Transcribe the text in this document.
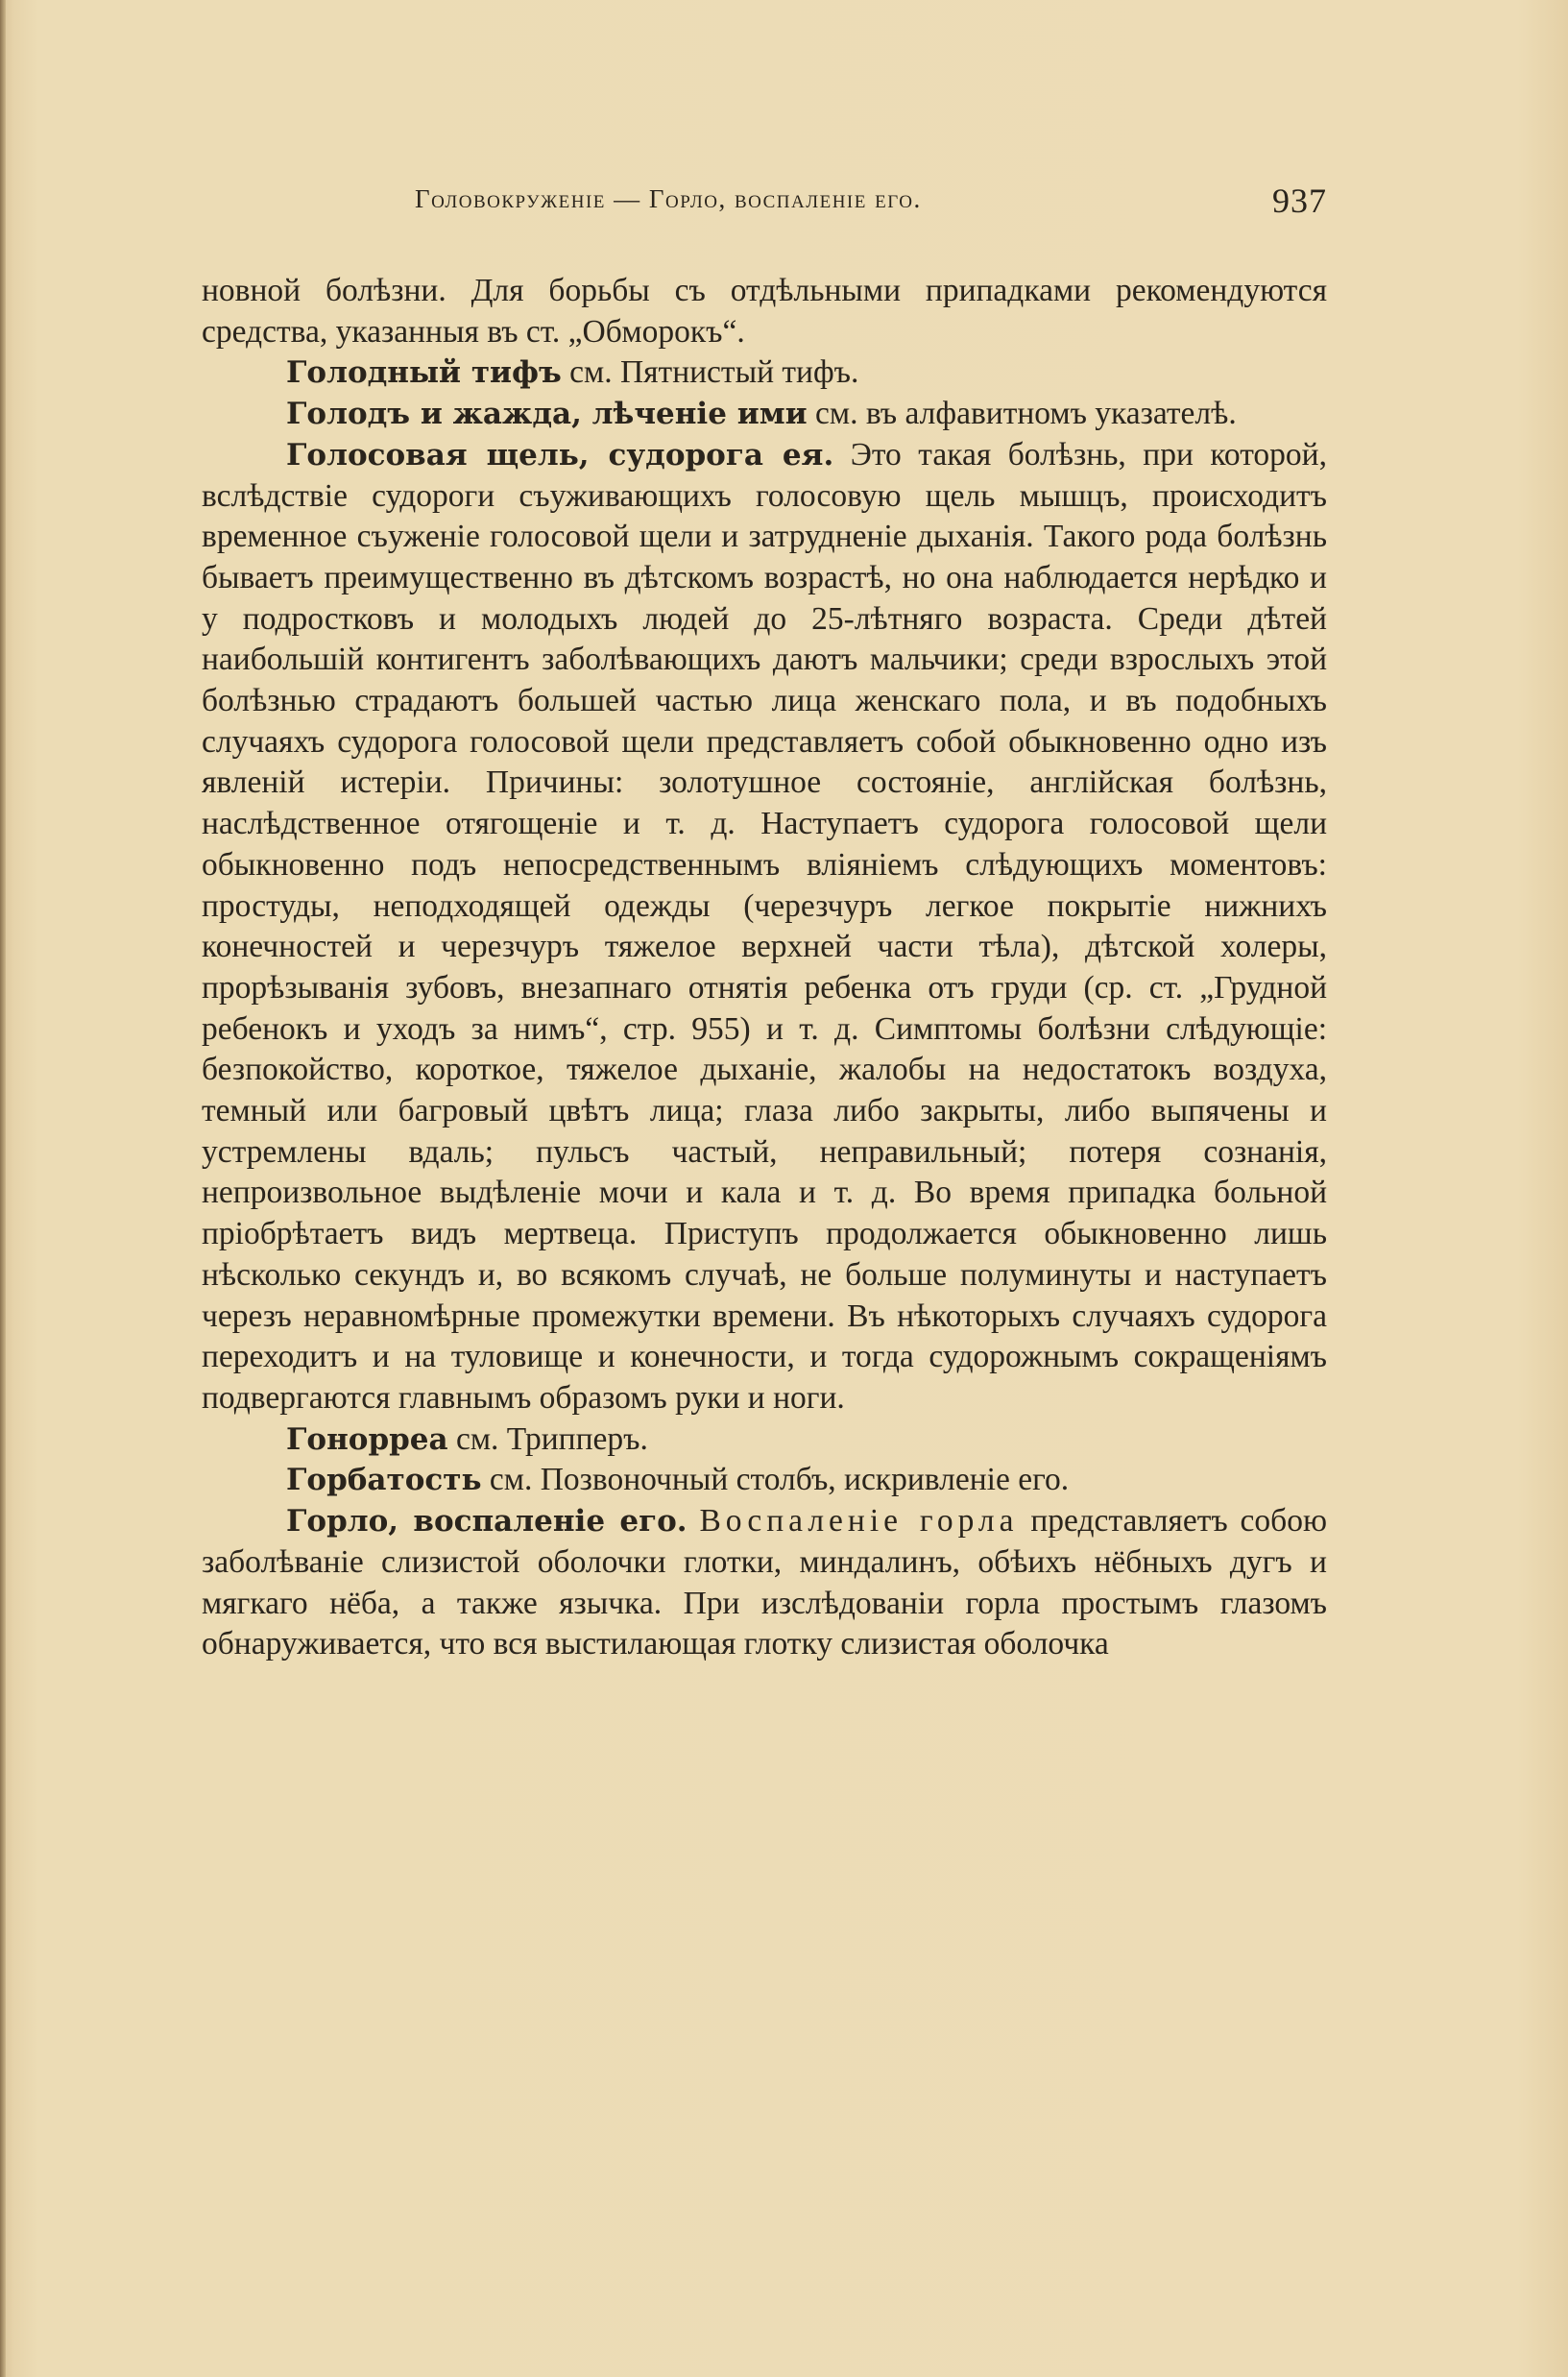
Головокруженіе — Горло, воспаленіе его.	937

новной болѣзни. Для борьбы съ отдѣльными припадками рекомендуются средства, указанныя въ ст. „Обморокъ“.

Голодный тифъ см. Пятнистый тифъ.

Голодъ и жажда, лѣченіе ими см. въ алфавитномъ указателѣ.

Голосовая щель, судорога ея. Это такая болѣзнь, при которой, вслѣдствіе судороги съуживающихъ голосовую щель мышцъ, происходитъ временное съуженіе голосовой щели и затрудненіе дыханія. Такого рода болѣзнь бываетъ преимущественно въ дѣтскомъ возрастѣ, но она наблюдается нерѣдко и у подростковъ и молодыхъ людей до 25-лѣтняго возраста. Среди дѣтей наибольшій контигентъ заболѣвающихъ даютъ мальчики; среди взрослыхъ этой болѣзнью страдаютъ большей частью лица женскаго пола, и въ подобныхъ случаяхъ судорога голосовой щели представляетъ собой обыкновенно одно изъ явленій истеріи. Причины: золотушное состояніе, англійская болѣзнь, наслѣдственное отягощеніе и т. д. Наступаетъ судорога голосовой щели обыкновенно подъ непосредственнымъ вліяніемъ слѣдующихъ моментовъ: простуды, неподходящей одежды (черезчуръ легкое покрытіе нижнихъ конечностей и черезчуръ тяжелое верхней части тѣла), дѣтской холеры, прорѣзыванія зубовъ, внезапнаго отнятія ребенка отъ груди (ср. ст. „Грудной ребенокъ и уходъ за нимъ“, стр. 955) и т. д. Симптомы болѣзни слѣдующіе: безпокойство, короткое, тяжелое дыханіе, жалобы на недостатокъ воздуха, темный или багровый цвѣтъ лица; глаза либо закрыты, либо выпячены и устремлены вдаль; пульсъ частый, неправильный; потеря сознанія, непроизвольное выдѣленіе мочи и кала и т. д. Во время припадка больной пріобрѣтаетъ видъ мертвеца. Приступъ продолжается обыкновенно лишь нѣсколько секундъ и, во всякомъ случаѣ, не больше полуминуты и наступаетъ черезъ неравномѣрные промежутки времени. Въ нѣкоторыхъ случаяхъ судорога переходитъ и на туловище и конечности, и тогда судорожнымъ сокращеніямъ подвергаются главнымъ образомъ руки и ноги.

Гонорреа см. Трипперъ.

Горбатость см. Позвоночный столбъ, искривленіе его.

Горло, воспаленіе его. Воспаленіе горла представляетъ собою заболѣваніе слизистой оболочки глотки, миндалинъ, обѣихъ нёбныхъ дугъ и мягкаго нёба, а также язычка. При изслѣдованіи горла простымъ глазомъ обнаруживается, что вся выстилающая глотку слизистая оболочка
